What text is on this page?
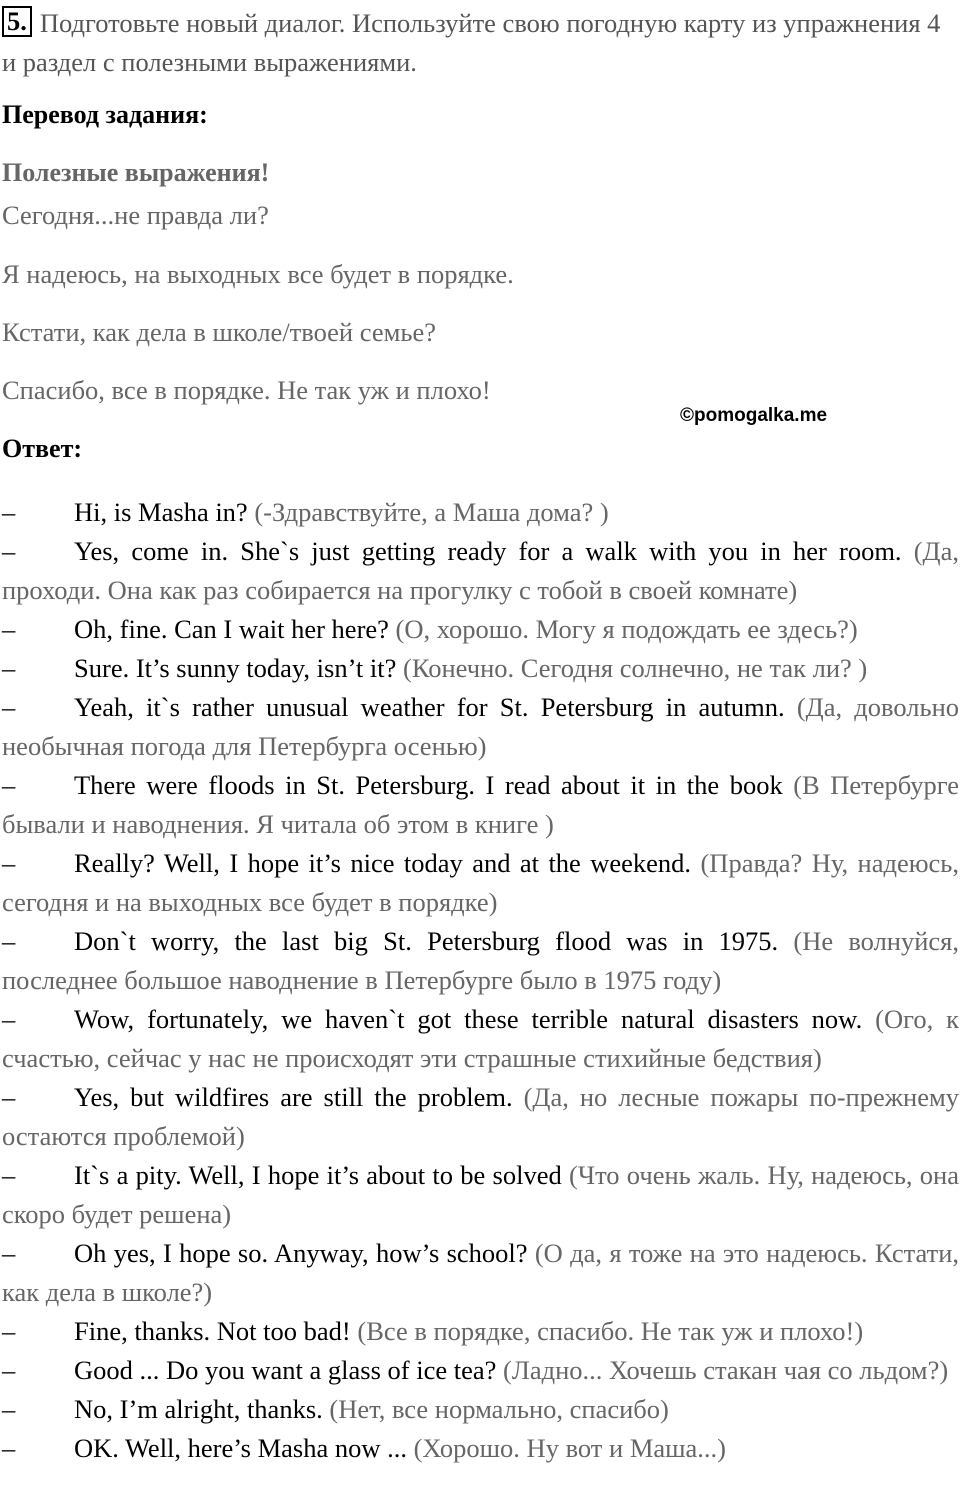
5. Подготовьте новый диалог. Используйте свою погодную карту из упражнения 4 и раздел с полезными выражениями.
Перевод задания:
Полезные выражения!
Сегодня...не правда ли?
Я надеюсь, на выходных все будет в порядке.
Кстати, как дела в школе/твоей семье?
Спасибо, все в порядке. Не так уж и плохо!
©pomogalka.me
Ответ:
– Hi, is Masha in? (-Здравствуйте, а Маша дома? )
– Yes, come in. She`s just getting ready for a walk with you in her room. (Да, проходи. Она как раз собирается на прогулку с тобой в своей комнате)
– Oh, fine. Can I wait her here? (О, хорошо. Могу я подождать ее здесь?)
– Sure. It’s sunny today, isn’t it? (Конечно. Сегодня солнечно, не так ли? )
– Yeah, it`s rather unusual weather for St. Petersburg in autumn. (Да, довольно необычная погода для Петербурга осенью)
– There were floods in St. Petersburg. I read about it in the book (В Петербурге бывали и наводнения. Я читала об этом в книге )
– Really? Well, I hope it’s nice today and at the weekend. (Правда? Ну, надеюсь, сегодня и на выходных все будет в порядке)
– Don`t worry, the last big St. Petersburg flood was in 1975. (Не волнуйся, последнее большое наводнение в Петербурге было в 1975 году)
– Wow, fortunately, we haven`t got these terrible natural disasters now. (Ого, к счастью, сейчас у нас не происходят эти страшные стихийные бедствия)
– Yes, but wildfires are still the problem. (Да, но лесные пожары по-прежнему остаются проблемой)
– It`s a pity. Well, I hope it’s about to be solved (Что очень жаль. Ну, надеюсь, она скоро будет решена)
– Oh yes, I hope so. Anyway, how’s school? (О да, я тоже на это надеюсь. Кстати, как дела в школе?)
– Fine, thanks. Not too bad! (Все в порядке, спасибо. Не так уж и плохо!)
– Good ... Do you want a glass of ice tea? (Ладно... Хочешь стакан чая со льдом?)
– No, I’m alright, thanks. (Нет, все нормально, спасибо)
– OK. Well, here’s Masha now ... (Хорошо. Ну вот и Маша...)
